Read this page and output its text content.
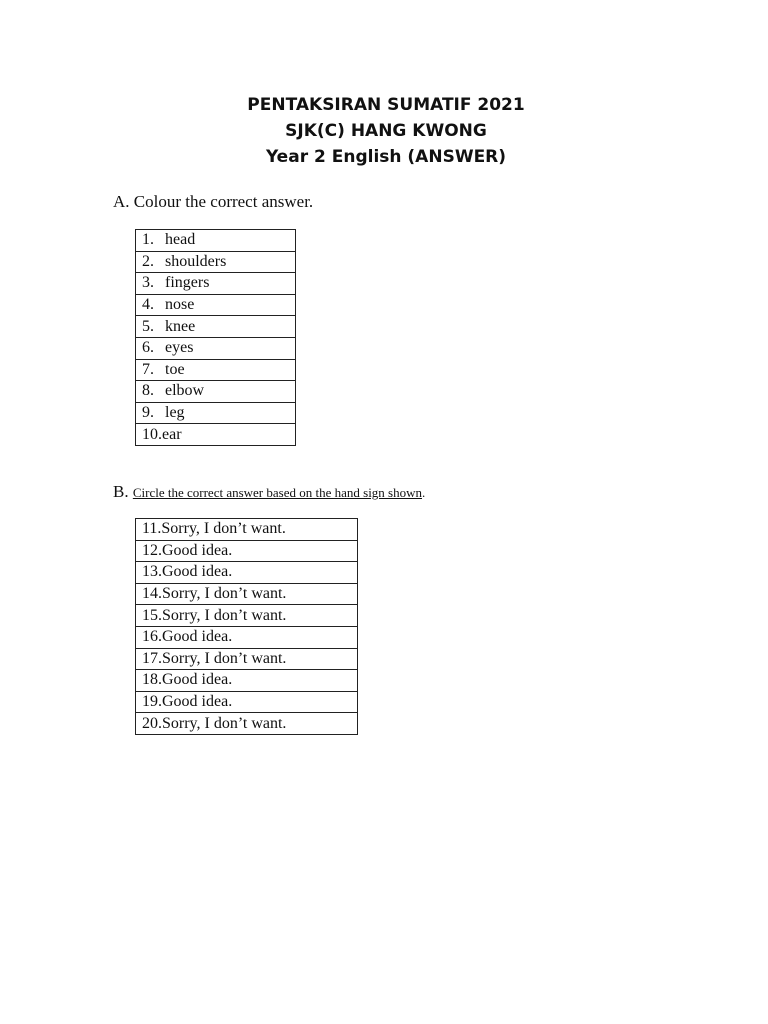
PENTAKSIRAN SUMATIF 2021
SJK(C) HANG KWONG
Year 2 English (ANSWER)
A. Colour the correct answer.
1. head
2. shoulders
3. fingers
4. nose
5. knee
6. eyes
7. toe
8. elbow
9. leg
10.ear
B. Circle the correct answer based on the hand sign shown.
11.Sorry, I don’t want.
12.Good idea.
13.Good idea.
14.Sorry, I don’t want.
15.Sorry, I don’t want.
16.Good idea.
17.Sorry, I don’t want.
18.Good idea.
19.Good idea.
20.Sorry, I don’t want.
